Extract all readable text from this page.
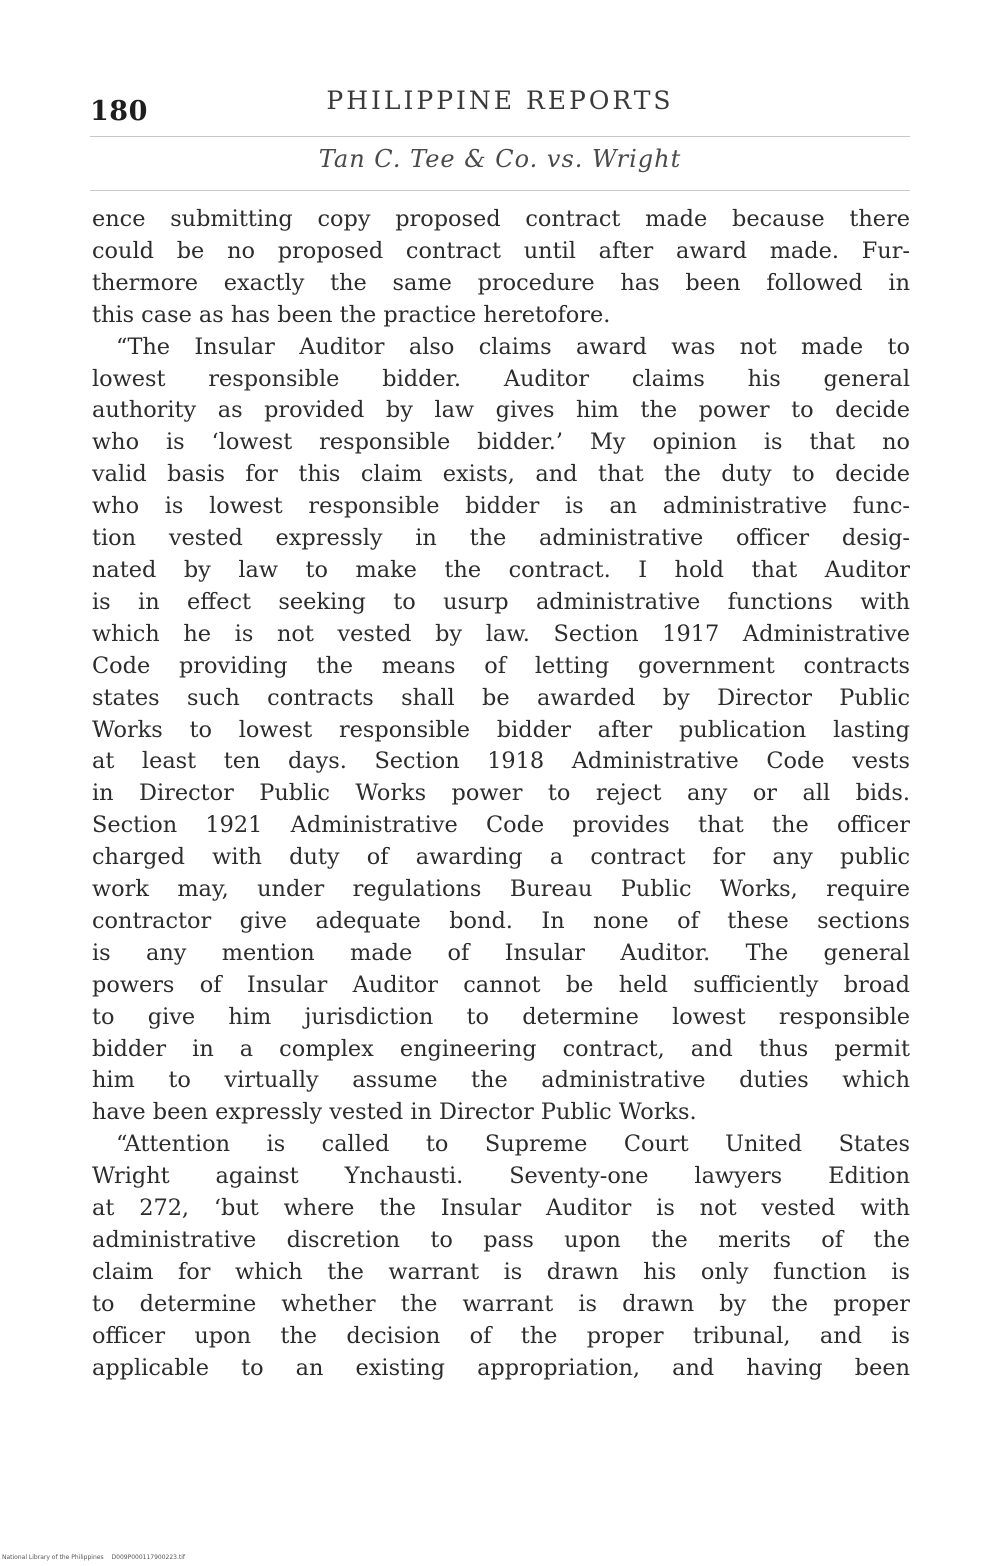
180	PHILIPPINE REPORTS
Tan C. Tee & Co. vs. Wright

ence submitting copy proposed contract made because there

could be no proposed contract until after award made. Fur-

thermore exactly the same procedure has been followed in

this case as has been the practice heretofore.

“The Insular Auditor also claims award was not made to

lowest responsible bidder. Auditor claims his general

authority as provided by law gives him the power to decide

who is ‘lowest responsible bidder.’ My opinion is that no

valid basis for this claim exists, and that the duty to decide

who is lowest responsible bidder is an administrative func-

tion vested expressly in the administrative officer desig-

nated by law to make the contract. I hold that Auditor

is in effect seeking to usurp administrative functions with

which he is not vested by law. Section 1917 Administrative

Code providing the means of letting government contracts

states such contracts shall be awarded by Director Public

Works to lowest responsible bidder after publication lasting

at least ten days. Section 1918 Administrative Code vests

in Director Public Works power to reject any or all bids.

Section 1921 Administrative Code provides that the officer

charged with duty of awarding a contract for any public

work may, under regulations Bureau Public Works, require

contractor give adequate bond. In none of these sections

is any mention made of Insular Auditor. The general

powers of Insular Auditor cannot be held sufficiently broad

to give him jurisdiction to determine lowest responsible

bidder in a complex engineering contract, and thus permit

him to virtually assume the administrative duties which

have been expressly vested in Director Public Works.

“Attention is called to Supreme Court United States

Wright against Ynchausti. Seventy-one lawyers Edition

at 272, ‘but where the Insular Auditor is not vested with

administrative discretion to pass upon the merits of the

claim for which the warrant is drawn his only function is

to determine whether the warrant is drawn by the proper

officer upon the decision of the proper tribunal, and is

applicable to an existing appropriation, and having been

National Library of the Philippines D009P000117900223.tif
